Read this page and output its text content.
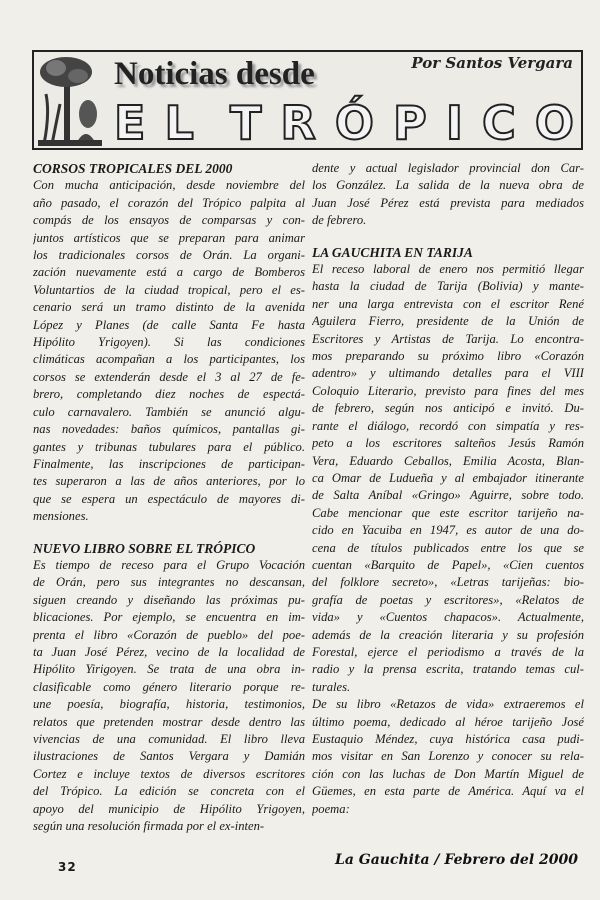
Noticias desde	Por Santos Vergara
E L T R Ó P I C O
CORSOS TROPICALES DEL 2000
Con mucha anticipación, desde noviembre del
año pasado, el corazón del Trópico palpita al
compás de los ensayos de comparsas y con-
juntos artísticos que se preparan para animar
los tradicionales corsos de Orán. La organi-
zación nuevamente está a cargo de Bomberos
Voluntartios de la ciudad tropical, pero el es-
cenario será un tramo distinto de la avenida
López y Planes (de calle Santa Fe hasta
Hipólito Yrigoyen). Si las condiciones
climáticas acompañan a los participantes, los
corsos se extenderán desde el 3 al 27 de fe-
brero, completando diez noches de espectá-
culo carnavalero. También se anunció algu-
nas novedades: baños químicos, pantallas gi-
gantes y tribunas tubulares para el público.
Finalmente, las inscripciones de participan-
tes superaron a las de años anteriores, por lo
que se espera un espectáculo de mayores di-
mensiones.
NUEVO LIBRO SOBRE EL TRÓPICO
Es tiempo de receso para el Grupo Vocación
de Orán, pero sus integrantes no descansan,
siguen creando y diseñando las próximas pu-
blicaciones. Por ejemplo, se encuentra en im-
prenta el libro «Corazón de pueblo» del poe-
ta Juan José Pérez, vecino de la localidad de
Hipólito Yirigoyen. Se trata de una obra in-
clasificable como género literario porque re-
une poesía, biografía, historia, testimonios,
relatos que pretenden mostrar desde dentro las
vivencias de una comunidad. El libro lleva
ilustraciones de Santos Vergara y Damián
Cortez e incluye textos de diversos escritores
del Trópico. La edición se concreta con el
apoyo del municipio de Hipólito Yrigoyen,
según una resolución firmada por el ex-inten-
dente y actual legislador provincial don Car-
los González. La salida de la nueva obra de
Juan José Pérez está prevista para mediados
de febrero.
LA GAUCHITA EN TARIJA
El receso laboral de enero nos permitió llegar
hasta la ciudad de Tarija (Bolivia) y mante-
ner una larga entrevista con el escritor René
Aguilera Fierro, presidente de la Unión de
Escritores y Artistas de Tarija. Lo encontra-
mos preparando su próximo libro «Corazón
adentro» y ultimando detalles para el VIII
Coloquio Literario, previsto para fines del mes
de febrero, según nos anticipó e invitó. Du-
rante el diálogo, recordó con simpatía y res-
peto a los escritores salteños Jesús Ramón
Vera, Eduardo Ceballos, Emilia Acosta, Blan-
ca Omar de Ludueña y al embajador itinerante
de Salta Aníbal «Gringo» Aguirre, sobre todo.
Cabe mencionar que este escritor tarijeño na-
cido en Yacuiba en 1947, es autor de una do-
cena de títulos publicados entre los que se
cuentan «Barquito de Papel», «Cien cuentos
del folklore secreto», «Letras tarijeñas: bio-
grafía de poetas y escritores», «Relatos de
vida» y «Cuentos chapacos». Actualmente,
además de la creación literaria y su profesión
Forestal, ejerce el periodismo a través de la
radio y la prensa escrita, tratando temas cul-
turales.
De su libro «Retazos de vida» extraeremos el
último poema, dedicado al héroe tarijeño José
Eustaquio Méndez, cuya histórica casa pudi-
mos visitar en San Lorenzo y conocer su rela-
ción con las luchas de Don Martín Miguel de
Güemes, en esta parte de América. Aquí va el
poema:
32	La Gauchita / Febrero del 2000
